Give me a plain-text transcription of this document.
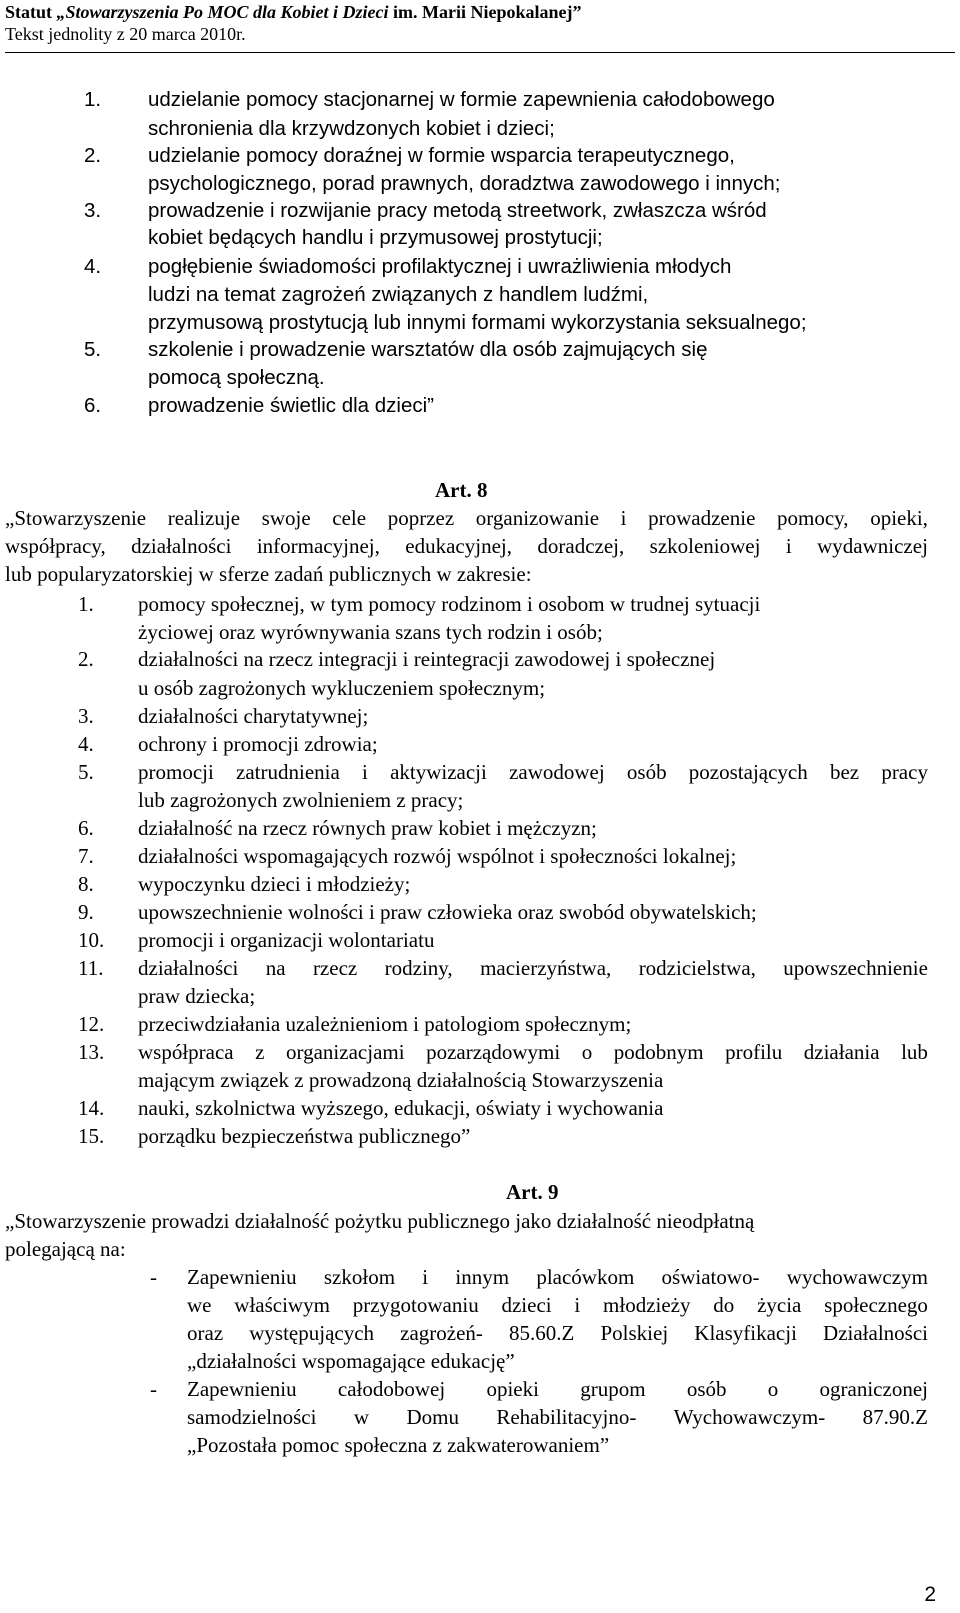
Statut „Stowarzyszenia Po MOC dla Kobiet i Dzieci im. Marii Niepokalanej”
Tekst jednolity z 20 marca 2010r.
1. udzielanie pomocy stacjonarnej w formie zapewnienia całodobowego
schronienia dla krzywdzonych kobiet i dzieci;
2. udzielanie pomocy doraźnej w formie wsparcia terapeutycznego,
psychologicznego, porad prawnych, doradztwa zawodowego i innych;
3. prowadzenie i rozwijanie pracy metodą streetwork, zwłaszcza wśród
kobiet będących handlu i przymusowej prostytucji;
4. pogłębienie świadomości profilaktycznej i uwrażliwienia młodych
ludzi na temat zagrożeń związanych z handlem ludźmi,
przymusową prostytucją lub innymi formami wykorzystania seksualnego;
5. szkolenie i prowadzenie warsztatów dla osób zajmujących się
pomocą społeczną.
6. prowadzenie świetlic dla dzieci”
Art. 8
„Stowarzyszenie realizuje swoje cele poprzez organizowanie i prowadzenie pomocy, opieki,
współpracy, działalności informacyjnej, edukacyjnej, doradczej, szkoleniowej i wydawniczej
lub popularyzatorskiej w sferze zadań publicznych w zakresie:
1. pomocy społecznej, w tym pomocy rodzinom i osobom w trudnej sytuacji
życiowej oraz wyrównywania szans tych rodzin i osób;
2. działalności na rzecz integracji i reintegracji zawodowej i społecznej
u osób zagrożonych wykluczeniem społecznym;
3. działalności charytatywnej;
4. ochrony i promocji zdrowia;
5. promocji zatrudnienia i aktywizacji zawodowej osób pozostających bez pracy
lub zagrożonych zwolnieniem z pracy;
6. działalność na rzecz równych praw kobiet i mężczyzn;
7. działalności wspomagających rozwój wspólnot i społeczności lokalnej;
8. wypoczynku dzieci i młodzieży;
9. upowszechnienie wolności i praw człowieka oraz swobód obywatelskich;
10. promocji i organizacji wolontariatu
11. działalności na rzecz rodziny, macierzyństwa, rodzicielstwa, upowszechnienie
praw dziecka;
12. przeciwdziałania uzależnieniom i patologiom społecznym;
13. współpraca z organizacjami pozarządowymi o podobnym profilu działania lub
mającym związek z prowadzoną działalnością Stowarzyszenia
14. nauki, szkolnictwa wyższego, edukacji, oświaty i wychowania
15. porządku bezpieczeństwa publicznego”
Art. 9
„Stowarzyszenie prowadzi działalność pożytku publicznego jako działalność nieodpłatną
polegającą na:
- Zapewnieniu szkołom i innym placówkom oświatowo- wychowawczym
we właściwym przygotowaniu dzieci i młodzieży do życia społecznego
oraz występujących zagrożeń- 85.60.Z Polskiej Klasyfikacji Działalności
„działalności wspomagające edukację”
- Zapewnieniu całodobowej opieki grupom osób o ograniczonej
samodzielności w Domu Rehabilitacyjno- Wychowawczym- 87.90.Z
„Pozostała pomoc społeczna z zakwaterowaniem”
2
